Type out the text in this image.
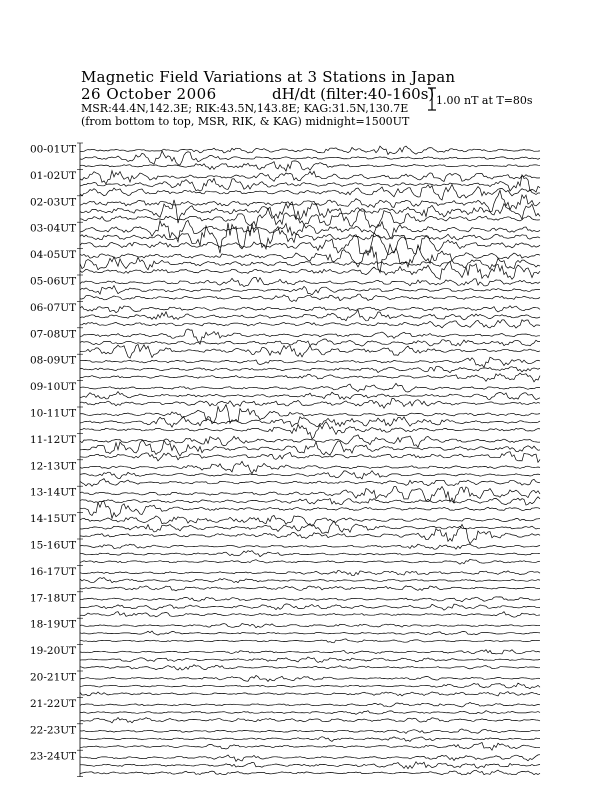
Magnetic Field Variations at 3 Stations in Japan
26 October 2006	dH/dt (filter:40-160s)
MSR:44.4N,142.3E; RIK:43.5N,143.8E; KAG:31.5N,130.7E
(from bottom to top, MSR, RIK, & KAG) midnight=1500UT
1.00 nT at T=80s
00-01UT
01-02UT
02-03UT
03-04UT
04-05UT
05-06UT
06-07UT
07-08UT
08-09UT
09-10UT
10-11UT
11-12UT
12-13UT
13-14UT
14-15UT
15-16UT
16-17UT
17-18UT
18-19UT
19-20UT
20-21UT
21-22UT
22-23UT
23-24UT
